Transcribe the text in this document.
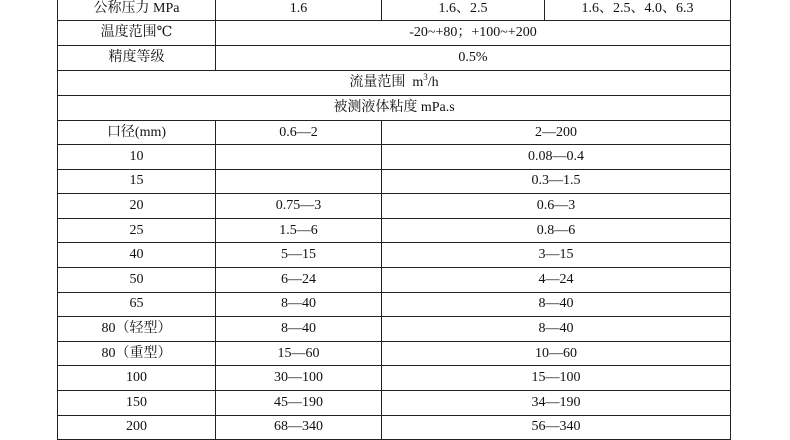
公称压力 MPa	1.6	1.6、2.5	1.6、2.5、4.0、6.3
温度范围℃	-20~+80；+100~+200		
精度等级	0.5%		
流量范围 $m^3/h$			
被测液体粘度 mPa.s			
口径(mm)	0.6—2	2—200	
10		0.08—0.4	
15		0.3—1.5	
20	0.75—3	0.6—3	
25	1.5—6	0.8—6	
40	5—15	3—15	
50	6—24	4—24	
65	8—40	8—40	
80（轻型）	8—40	8—40	
80（重型）	15—60	10—60	
100	30—100	15—100	
150	45—190	34—190	
200	68—340	56—340	
